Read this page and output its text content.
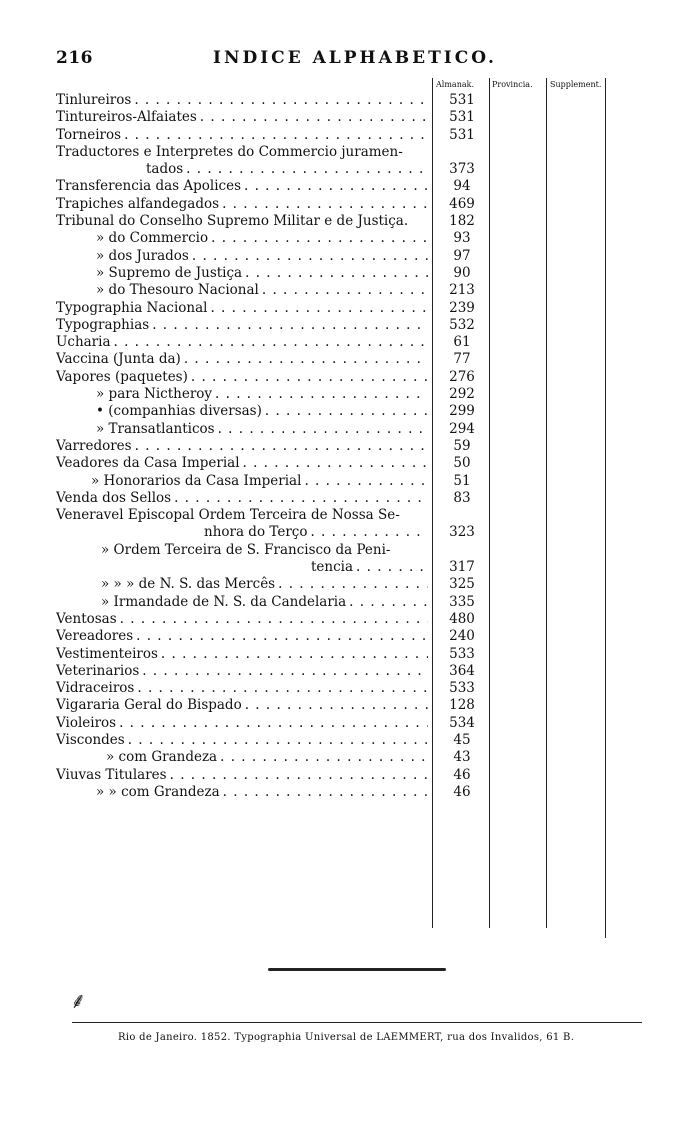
216	INDICE ALPHABETICO.
Almanak. Provincia. Supplement.
Tinlureiros . . .	531
Tintureiros-Alfaiates . . .	531
Torneiros . . .	531
Traductores e Interpretes do Commercio juramen-
tados . . .	373
Transferencia das Apolices . . .	94
Trapiches alfandegados . . .	469
Tribunal do Conselho Supremo Militar e de Justiça.	182
» do Commercio . . .	93
» dos Jurados . . .	97
» Supremo de Justiça . . .	90
» do Thesouro Nacional . . .	213
Typographia Nacional . . .	239
Typographias . . .	532
Ucharia . . .	61
Vaccina (Junta da) . . .	77
Vapores (paquetes) . . .	276
» para Nictheroy . . .	292
• (companhias diversas) . . .	299
» Transatlanticos . . .	294
Varredores . . .	59
Veadores da Casa Imperial . . .	50
» Honorarios da Casa Imperial . . .	51
Venda dos Sellos . . .	83
Veneravel Episcopal Ordem Terceira de Nossa Se-
nhora do Terço . . .	323
» Ordem Terceira de S. Francisco da Peni-
tencia . . .	317
» » » de N. S. das Mercês . . .	325
» Irmandade de N. S. da Candelaria . . .	335
Ventosas . . .	480
Vereadores . . .	240
Vestimenteiros . . .	533
Veterinarios . . .	364
Vidraceiros . . .	533
Vigararia Geral do Bispado . . .	128
Violeiros . . .	534
Viscondes . . .	45
» com Grandeza . . .	43
Viuvas Titulares . . .	46
» » com Grandeza . . .	46
⸙
Rio de Janeiro. 1852. Typographia Universal de LAEMMERT, rua dos Invalidos, 61 B.
